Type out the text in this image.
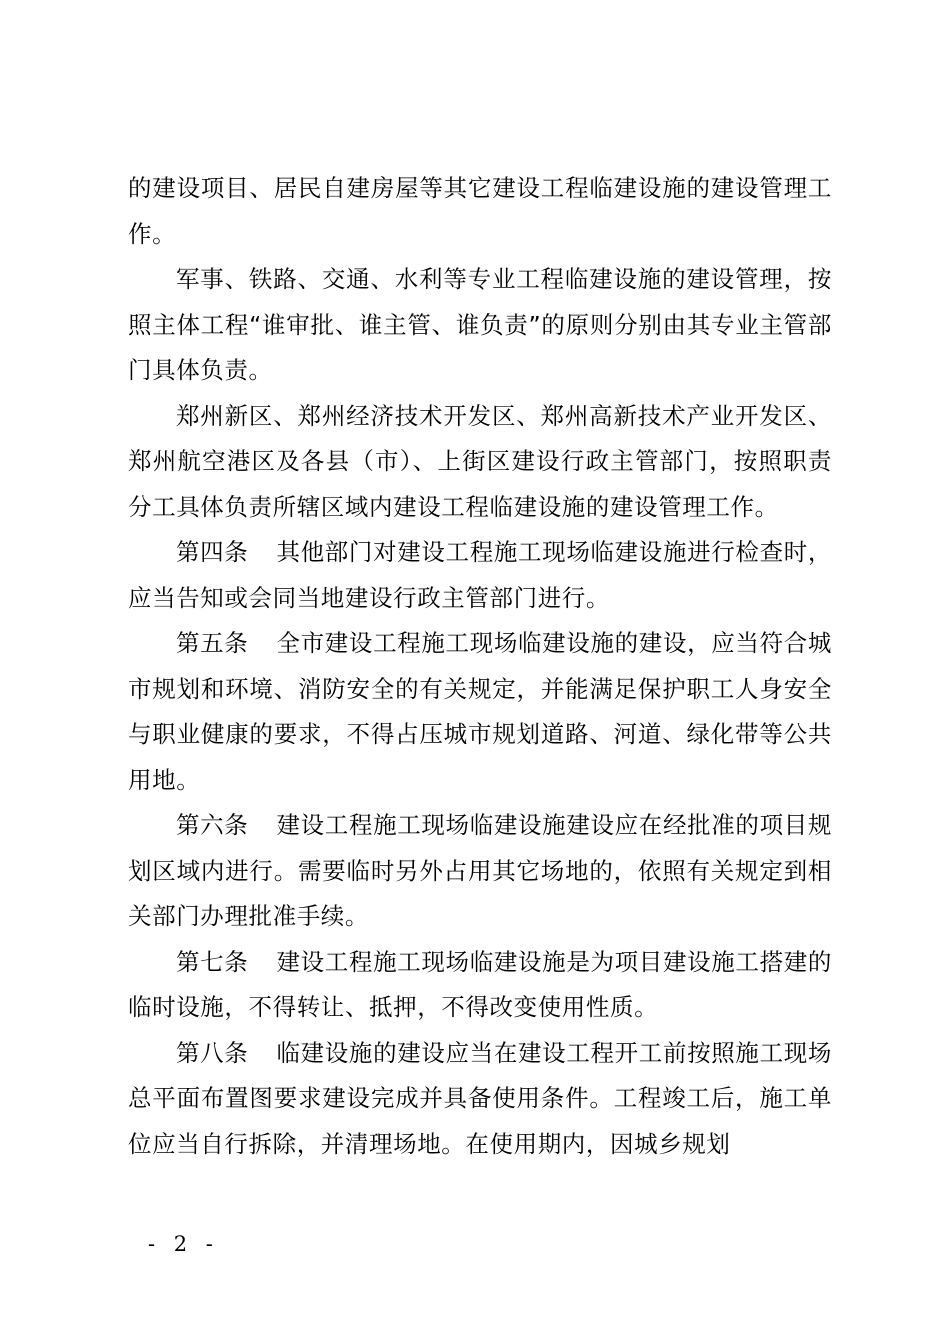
的建设项目、居民自建房屋等其它建设工程临建设施的建设管理工作。

军事、铁路、交通、水利等专业工程临建设施的建设管理，按照主体工程“谁审批、谁主管、谁负责”的原则分别由其专业主管部门具体负责。

郑州新区、郑州经济技术开发区、郑州高新技术产业开发区、郑州航空港区及各县（市）、上街区建设行政主管部门，按照职责分工具体负责所辖区域内建设工程临建设施的建设管理工作。

第四条 其他部门对建设工程施工现场临建设施进行检查时，应当告知或会同当地建设行政主管部门进行。

第五条 全市建设工程施工现场临建设施的建设，应当符合城市规划和环境、消防安全的有关规定，并能满足保护职工人身安全与职业健康的要求，不得占压城市规划道路、河道、绿化带等公共用地。

第六条 建设工程施工现场临建设施建设应在经批准的项目规划区域内进行。需要临时另外占用其它场地的，依照有关规定到相关部门办理批准手续。

第七条 建设工程施工现场临建设施是为项目建设施工搭建的临时设施，不得转让、抵押，不得改变使用性质。

第八条 临建设施的建设应当在建设工程开工前按照施工现场总平面布置图要求建设完成并具备使用条件。工程竣工后，施工单位应当自行拆除，并清理场地。在使用期内，因城乡规划

- 2 -
